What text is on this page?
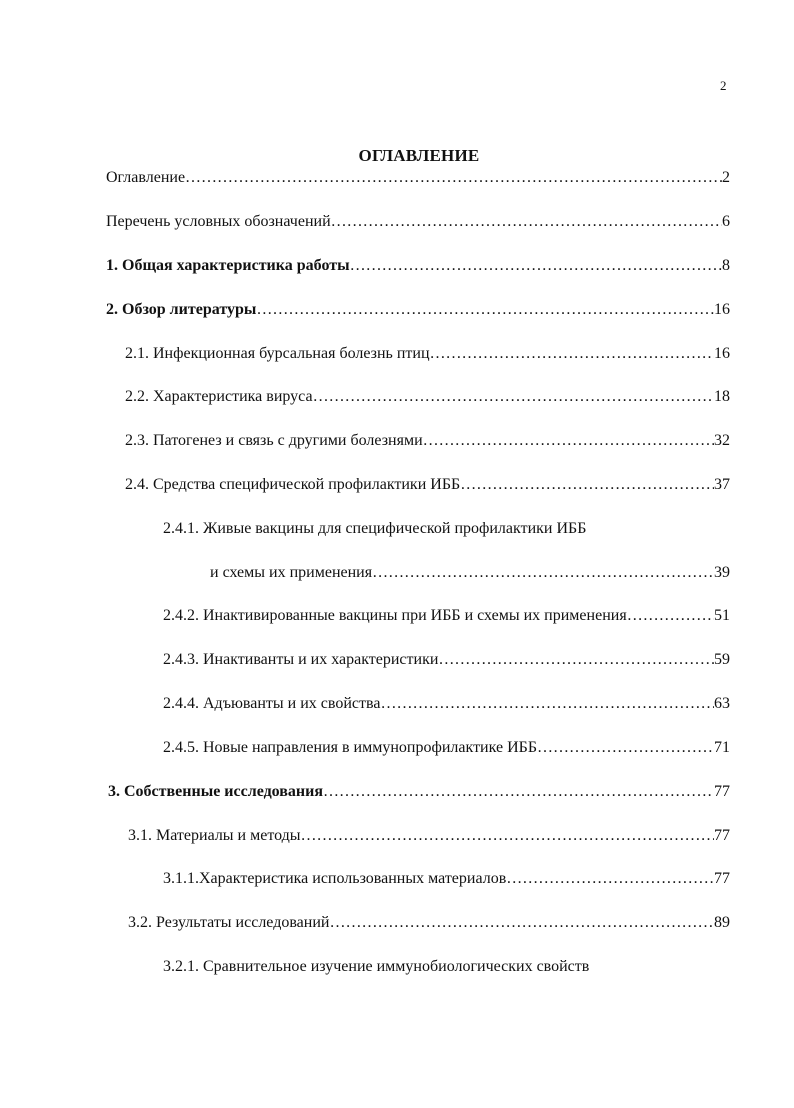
2
ОГЛАВЛЕНИЕ
Оглавление ……………………………………………………………………………………………………………………………………………………………………………………………………………	2
Перечень условных обозначений ……………………………………………………………………………………………………………………………………………………………………………………………………………	6
1. Общая характеристика работы ……………………………………………………………………………………………………………………………………………………………………………………………………………	8
2. Обзор литературы ……………………………………………………………………………………………………………………………………………………………………………………………………………	16
2.1. Инфекционная бурсальная болезнь птиц ……………………………………………………………………………………………………………………………………………………………………………………………………………	16
2.2. Характеристика вируса ……………………………………………………………………………………………………………………………………………………………………………………………………………	18
2.3. Патогенез и связь с другими болезнями ……………………………………………………………………………………………………………………………………………………………………………………………………………	32
2.4. Средства специфической профилактики ИББ ……………………………………………………………………………………………………………………………………………………………………………………………………………	37
2.4.1. Живые вакцины для специфической профилактики ИББ
и схемы их применения ……………………………………………………………………………………………………………………………………………………………………………………………………………	39
2.4.2. Инактивированные вакцины при ИББ и схемы их применения ……………………………………………………………………………………………………………………………………………………………………………………………………………	51
2.4.3. Инактиванты и их характеристики ……………………………………………………………………………………………………………………………………………………………………………………………………………	59
2.4.4. Адъюванты и их свойства ……………………………………………………………………………………………………………………………………………………………………………………………………………	63
2.4.5. Новые направления в иммунопрофилактике ИББ ……………………………………………………………………………………………………………………………………………………………………………………………………………	71
3. Собственные исследования ……………………………………………………………………………………………………………………………………………………………………………………………………………	77
3.1. Материалы и методы ……………………………………………………………………………………………………………………………………………………………………………………………………………	77
3.1.1.Характеристика использованных материалов ……………………………………………………………………………………………………………………………………………………………………………………………………………	77
3.2. Результаты исследований ……………………………………………………………………………………………………………………………………………………………………………………………………………	89
3.2.1. Сравнительное изучение иммунобиологических свойств
